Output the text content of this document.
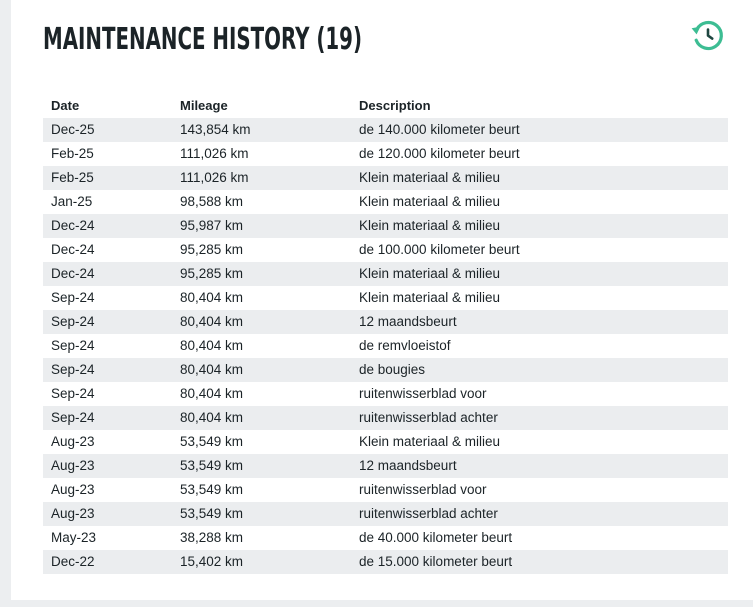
MAINTENANCE HISTORY (19)
Date	Mileage	Description
Dec-25	143,854 km	de 140.000 kilometer beurt
Feb-25	111,026 km	de 120.000 kilometer beurt
Feb-25	111,026 km	Klein materiaal & milieu
Jan-25	98,588 km	Klein materiaal & milieu
Dec-24	95,987 km	Klein materiaal & milieu
Dec-24	95,285 km	de 100.000 kilometer beurt
Dec-24	95,285 km	Klein materiaal & milieu
Sep-24	80,404 km	Klein materiaal & milieu
Sep-24	80,404 km	12 maandsbeurt
Sep-24	80,404 km	de remvloeistof
Sep-24	80,404 km	de bougies
Sep-24	80,404 km	ruitenwisserblad voor
Sep-24	80,404 km	ruitenwisserblad achter
Aug-23	53,549 km	Klein materiaal & milieu
Aug-23	53,549 km	12 maandsbeurt
Aug-23	53,549 km	ruitenwisserblad voor
Aug-23	53,549 km	ruitenwisserblad achter
May-23	38,288 km	de 40.000 kilometer beurt
Dec-22	15,402 km	de 15.000 kilometer beurt
